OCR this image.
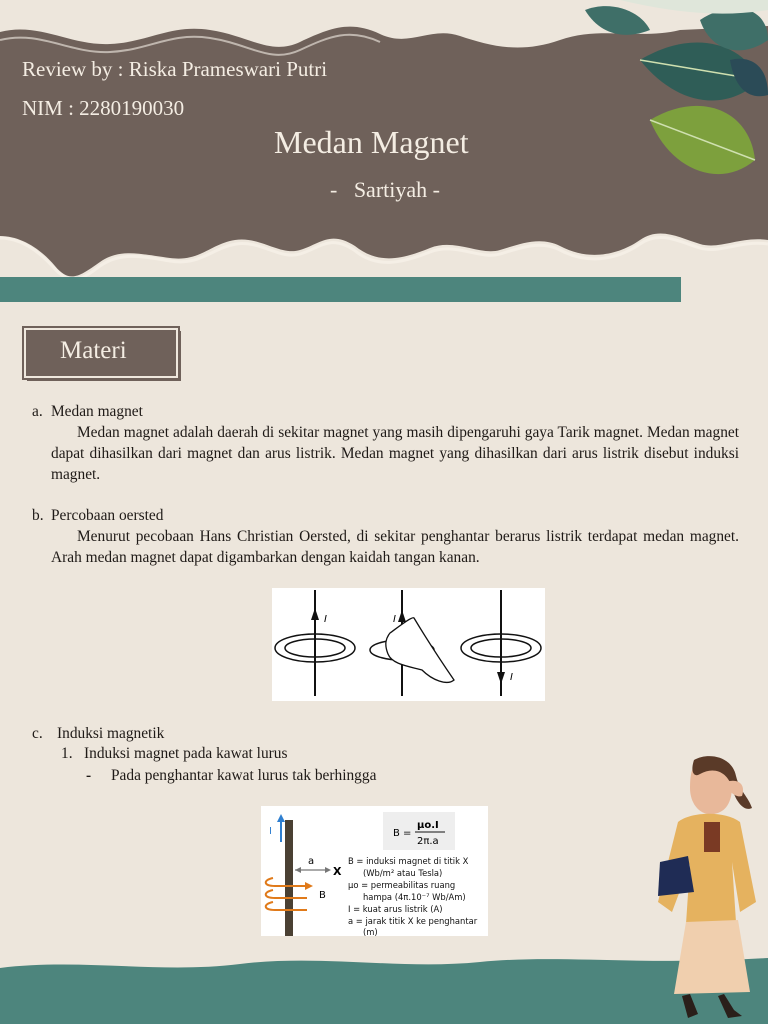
Review by : Riska Prameswari Putri
NIM : 2280190030
Medan Magnet
-   Sartiyah -
Materi
a. Medan magnet
Medan magnet adalah daerah di sekitar magnet yang masih dipengaruhi gaya Tarik magnet. Medan magnet dapat dihasilkan dari magnet dan arus listrik. Medan magnet yang dihasilkan dari arus listrik disebut induksi magnet.
b. Percobaan oersted
Menurut pecobaan Hans Christian Oersted, di sekitar penghantar berarus listrik terdapat medan magnet. Arah medan magnet dapat digambarkan dengan kaidah tangan kanan.
I	I
I
c. Induksi magnetik
1. Induksi magnet pada kawat lurus
- Pada penghantar kawat lurus tak berhingga
I
a
X
B
B =
μo.I
2π.a
B = induksi magnet di titik X
(Wb/m² atau Tesla)
μo = permeabilitas ruang
hampa (4π.10⁻⁷ Wb/Am)
I = kuat arus listrik (A)
a = jarak titik X ke penghantar
(m)
